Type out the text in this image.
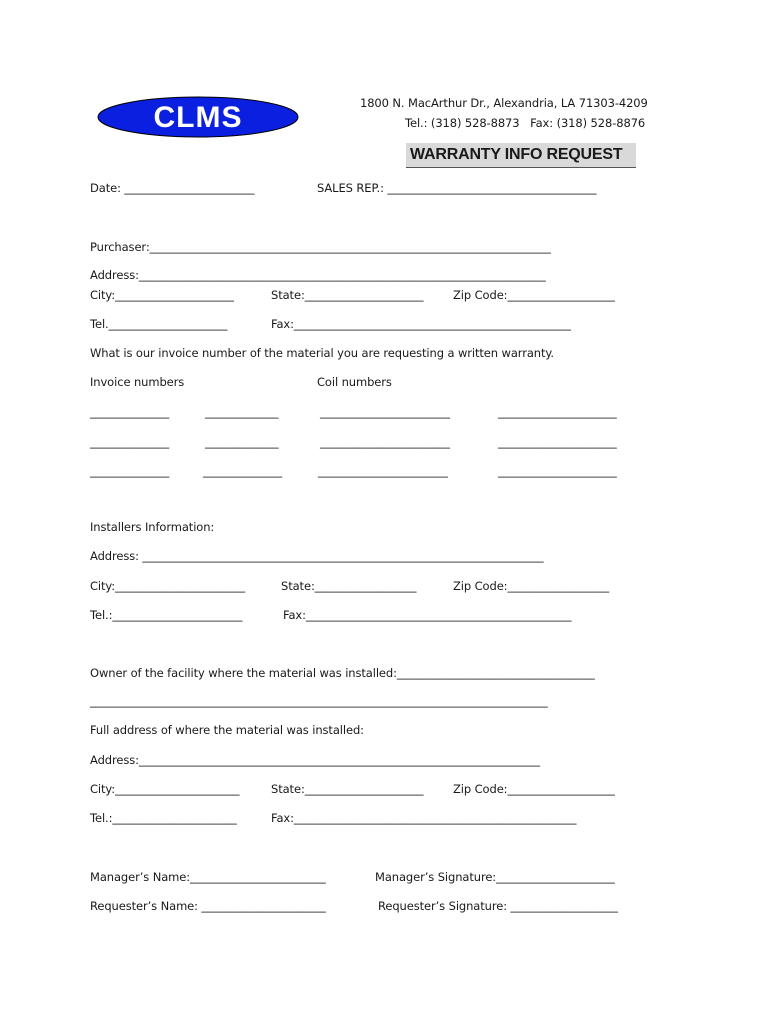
CLMS	1800 N. MacArthur Dr., Alexandria, LA 71303-4209
Tel.: (318) 528-8873   Fax: (318) 528-8876
WARRANTY INFO REQUEST
Date: _______________________	SALES REP.: _____________________________________
Purchaser:_______________________________________________________________________
Address:________________________________________________________________________
City:_____________________	State:_____________________	Zip Code:___________________
Tel._____________________	Fax:_________________________________________________
What is our invoice number of the material you are requesting a written warranty.
Invoice numbers	Coil numbers
______________	_____________	_______________________	_____________________
______________	_____________	_______________________	_____________________
______________	______________	_______________________	_____________________
Installers Information:
Address: _______________________________________________________________________
City:_______________________	State:__________________	Zip Code:__________________
Tel.:_______________________	Fax:_______________________________________________
Owner of the facility where the material was installed:___________________________________
_________________________________________________________________________________
Full address of where the material was installed:
Address:_______________________________________________________________________
City:______________________	State:_____________________	Zip Code:___________________
Tel.:______________________	Fax:__________________________________________________
Manager’s Name:________________________	Manager’s Signature:_____________________
Requester’s Name: ______________________	Requester’s Signature: ___________________
